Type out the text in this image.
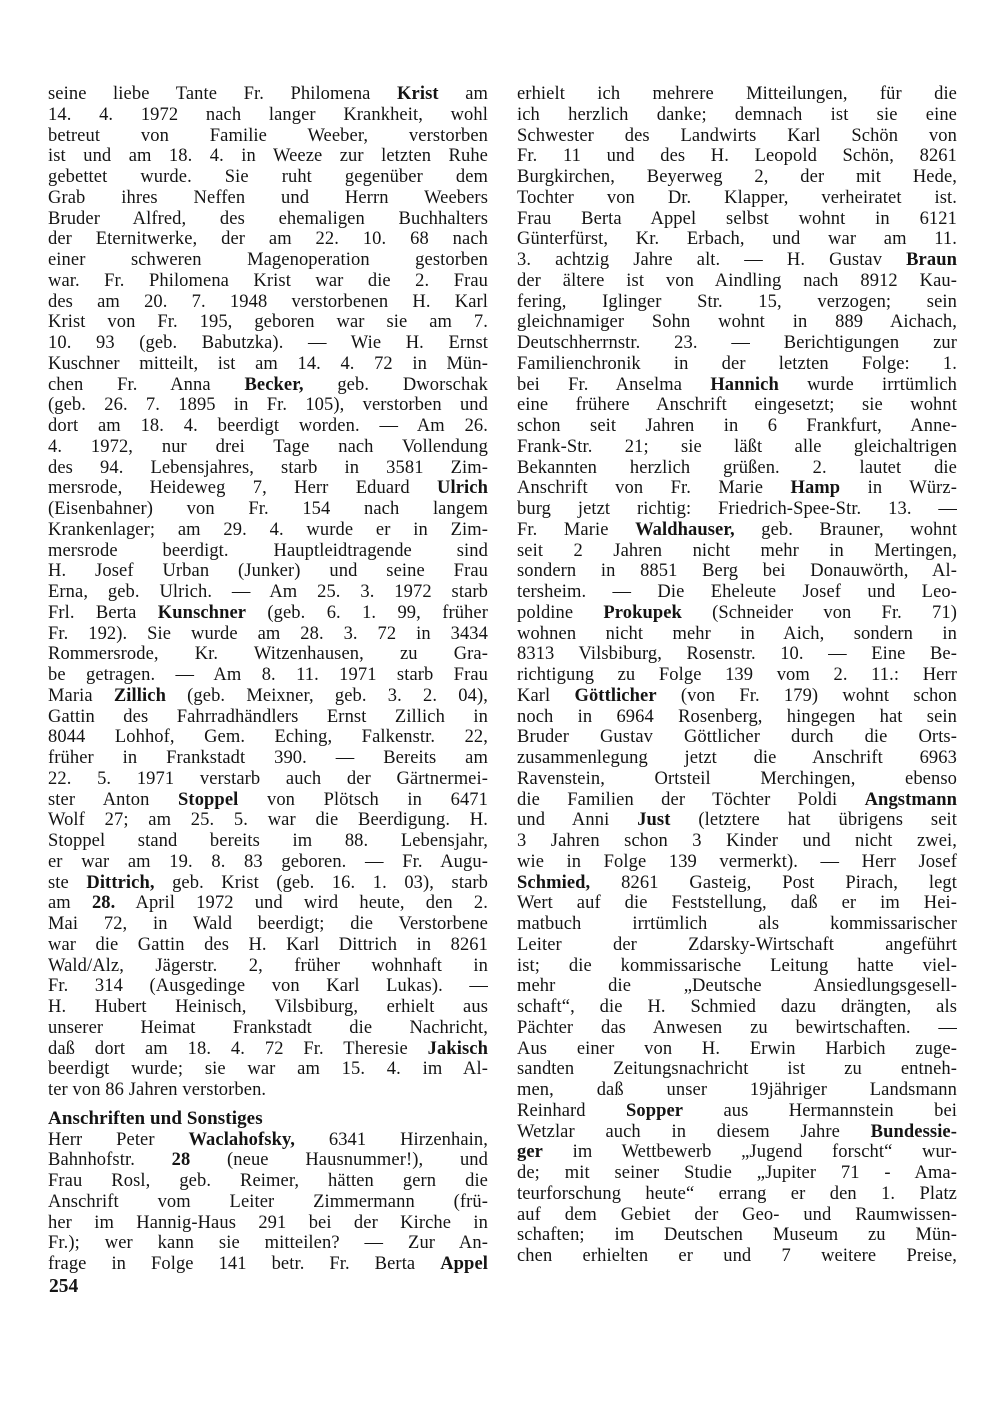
seine liebe Tante Fr. Philomena Krist am
14. 4. 1972 nach langer Krankheit, wohl
betreut von Familie Weeber, verstorben
ist und am 18. 4. in Weeze zur letzten Ruhe
gebettet wurde. Sie ruht gegenüber dem
Grab ihres Neffen und Herrn Weebers
Bruder Alfred, des ehemaligen Buchhalters
der Eternitwerke, der am 22. 10. 68 nach
einer schweren Magenoperation gestorben
war. Fr. Philomena Krist war die 2. Frau
des am 20. 7. 1948 verstorbenen H. Karl
Krist von Fr. 195, geboren war sie am 7.
10. 93 (geb. Babutzka). — Wie H. Ernst
Kuschner mitteilt, ist am 14. 4. 72 in Mün-
chen Fr. Anna Becker, geb. Dworschak
(geb. 26. 7. 1895 in Fr. 105), verstorben und
dort am 18. 4. beerdigt worden. — Am 26.
4. 1972, nur drei Tage nach Vollendung
des 94. Lebensjahres, starb in 3581 Zim-
mersrode, Heideweg 7, Herr Eduard Ulrich
(Eisenbahner) von Fr. 154 nach langem
Krankenlager; am 29. 4. wurde er in Zim-
mersrode beerdigt. Hauptleidtragende sind
H. Josef Urban (Junker) und seine Frau
Erna, geb. Ulrich. — Am 25. 3. 1972 starb
Frl. Berta Kunschner (geb. 6. 1. 99, früher
Fr. 192). Sie wurde am 28. 3. 72 in 3434
Rommersrode, Kr. Witzenhausen, zu Gra-
be getragen. — Am 8. 11. 1971 starb Frau
Maria Zillich (geb. Meixner, geb. 3. 2. 04),
Gattin des Fahrradhändlers Ernst Zillich in
8044 Lohhof, Gem. Eching, Falkenstr. 22,
früher in Frankstadt 390. — Bereits am
22. 5. 1971 verstarb auch der Gärtnermei-
ster Anton Stoppel von Plötsch in 6471
Wolf 27; am 25. 5. war die Beerdigung. H.
Stoppel stand bereits im 88. Lebensjahr,
er war am 19. 8. 83 geboren. — Fr. Augu-
ste Dittrich, geb. Krist (geb. 16. 1. 03), starb
am 28. April 1972 und wird heute, den 2.
Mai 72, in Wald beerdigt; die Verstorbene
war die Gattin des H. Karl Dittrich in 8261
Wald/Alz, Jägerstr. 2, früher wohnhaft in
Fr. 314 (Ausgedinge von Karl Lukas). —
H. Hubert Heinisch, Vilsbiburg, erhielt aus
unserer Heimat Frankstadt die Nachricht,
daß dort am 18. 4. 72 Fr. Theresie Jakisch
beerdigt wurde; sie war am 15. 4. im Al-
ter von 86 Jahren verstorben.
Anschriften und Sonstiges
Herr Peter Waclahofsky, 6341 Hirzenhain,
Bahnhofstr. 28 (neue Hausnummer!), und
Frau Rosl, geb. Reimer, hätten gern die
Anschrift vom Leiter Zimmermann (frü-
her im Hannig-Haus 291 bei der Kirche in
Fr.); wer kann sie mitteilen? — Zur An-
frage in Folge 141 betr. Fr. Berta Appel
erhielt ich mehrere Mitteilungen, für die
ich herzlich danke; demnach ist sie eine
Schwester des Landwirts Karl Schön von
Fr. 11 und des H. Leopold Schön, 8261
Burgkirchen, Beyerweg 2, der mit Hede,
Tochter von Dr. Klapper, verheiratet ist.
Frau Berta Appel selbst wohnt in 6121
Günterfürst, Kr. Erbach, und war am 11.
3. achtzig Jahre alt. — H. Gustav Braun
der ältere ist von Aindling nach 8912 Kau-
fering, Iglinger Str. 15, verzogen; sein
gleichnamiger Sohn wohnt in 889 Aichach,
Deutschherrnstr. 23. — Berichtigungen zur
Familienchronik in der letzten Folge: 1.
bei Fr. Anselma Hannich wurde irrtümlich
eine frühere Anschrift eingesetzt; sie wohnt
schon seit Jahren in 6 Frankfurt, Anne-
Frank-Str. 21; sie läßt alle gleichaltrigen
Bekannten herzlich grüßen. 2. lautet die
Anschrift von Fr. Marie Hamp in Würz-
burg jetzt richtig: Friedrich-Spee-Str. 13. —
Fr. Marie Waldhauser, geb. Brauner, wohnt
seit 2 Jahren nicht mehr in Mertingen,
sondern in 8851 Berg bei Donauwörth, Al-
tersheim. — Die Eheleute Josef und Leo-
poldine Prokupek (Schneider von Fr. 71)
wohnen nicht mehr in Aich, sondern in
8313 Vilsbiburg, Rosenstr. 10. — Eine Be-
richtigung zu Folge 139 vom 2. 11.: Herr
Karl Göttlicher (von Fr. 179) wohnt schon
noch in 6964 Rosenberg, hingegen hat sein
Bruder Gustav Göttlicher durch die Orts-
zusammenlegung jetzt die Anschrift 6963
Ravenstein, Ortsteil Merchingen, ebenso
die Familien der Töchter Poldi Angstmann
und Anni Just (letztere hat übrigens seit
3 Jahren schon 3 Kinder und nicht zwei,
wie in Folge 139 vermerkt). — Herr Josef
Schmied, 8261 Gasteig, Post Pirach, legt
Wert auf die Feststellung, daß er im Hei-
matbuch irrtümlich als kommissarischer
Leiter der Zdarsky-Wirtschaft angeführt
ist; die kommissarische Leitung hatte viel-
mehr die „Deutsche Ansiedlungsgesell-
schaft“, die H. Schmied dazu drängten, als
Pächter das Anwesen zu bewirtschaften. —
Aus einer von H. Erwin Harbich zuge-
sandten Zeitungsnachricht ist zu entneh-
men, daß unser 19jähriger Landsmann
Reinhard Sopper aus Hermannstein bei
Wetzlar auch in diesem Jahre Bundessie-
ger im Wettbewerb „Jugend forscht“ wur-
de; mit seiner Studie „Jupiter 71 - Ama-
teurforschung heute“ errang er den 1. Platz
auf dem Gebiet der Geo- und Raumwissen-
schaften; im Deutschen Museum zu Mün-
chen erhielten er und 7 weitere Preise,
254
